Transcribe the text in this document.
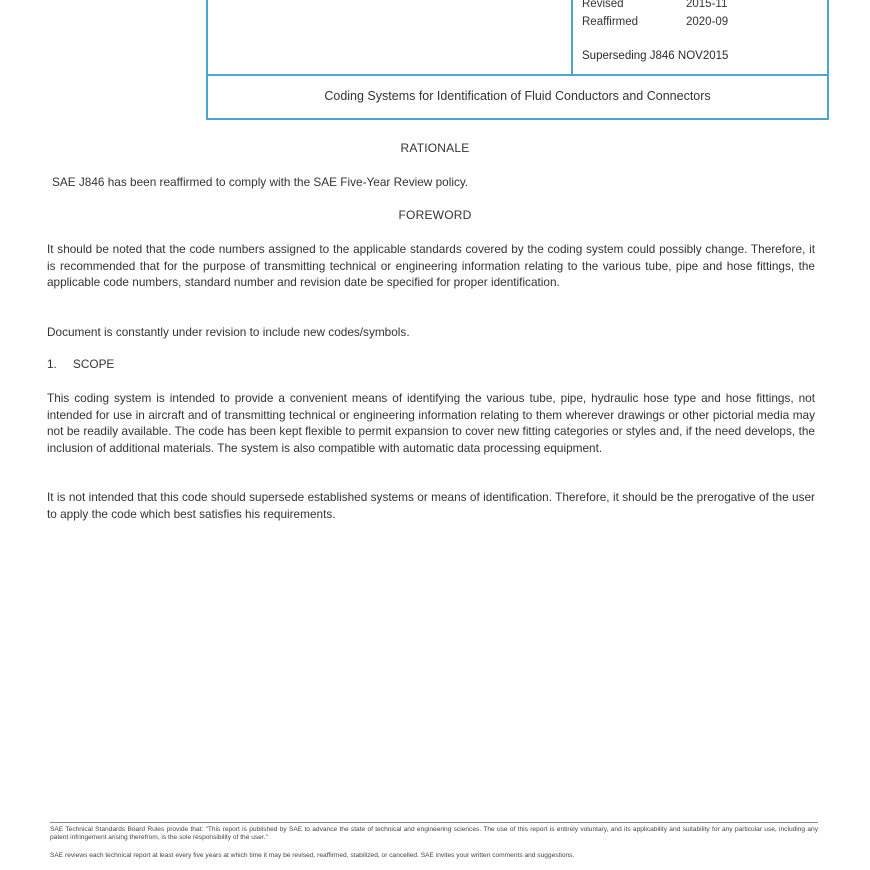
Revised	2015-11
Reaffirmed	2020-09
Superseding J846 NOV2015
Coding Systems for Identification of Fluid Conductors and Connectors
RATIONALE
SAE J846 has been reaffirmed to comply with the SAE Five-Year Review policy.
FOREWORD
It should be noted that the code numbers assigned to the applicable standards covered by the coding system could possibly change. Therefore, it is recommended that for the purpose of transmitting technical or engineering information relating to the various tube, pipe and hose fittings, the applicable code numbers, standard number and revision date be specified for proper identification.
Document is constantly under revision to include new codes/symbols.
1. SCOPE
This coding system is intended to provide a convenient means of identifying the various tube, pipe, hydraulic hose type and hose fittings, not intended for use in aircraft and of transmitting technical or engineering information relating to them wherever drawings or other pictorial media may not be readily available. The code has been kept flexible to permit expansion to cover new fitting categories or styles and, if the need develops, the inclusion of additional materials. The system is also compatible with automatic data processing equipment.
It is not intended that this code should supersede established systems or means of identification. Therefore, it should be the prerogative of the user to apply the code which best satisfies his requirements.
SAE Technical Standards Board Rules provide that: "This report is published by SAE to advance the state of technical and engineering sciences. The use of this report is entirely voluntary, and its applicability and suitability for any particular use, including any patent infringement arising therefrom, is the sole responsibility of the user."
SAE reviews each technical report at least every five years at which time it may be revised, reaffirmed, stabilized, or cancelled. SAE invites your written comments and suggestions.
